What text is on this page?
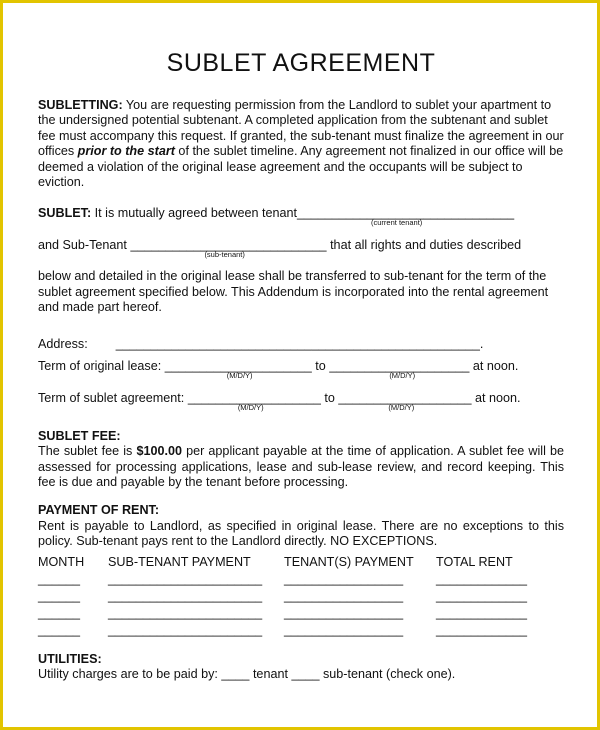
SUBLET AGREEMENT

SUBLETTING: You are requesting permission from the Landlord to sublet your apartment to the undersigned potential subtenant. A completed application from the subtenant and sublet fee must accompany this request. If granted, the sub-tenant must finalize the agreement in our offices prior to the start of the sublet timeline. Any agreement not finalized in our office will be deemed a violation of the original lease agreement and the occupants will be subject to eviction.

SUBLET: It is mutually agreed between tenant_______________________________
(current tenant)
and Sub-Tenant ____________________________
(sub-tenant)
that all rights and duties described

below and detailed in the original lease shall be transferred to sub-tenant for the term of the sublet agreement specified below. This Addendum is incorporated into the rental agreement and made part hereof.

Address: ____________________________________________________.
Term of original lease: _____________________
(M/D/Y)
to ____________________
(M/D/Y)
at noon.
Term of sublet agreement: ___________________
(M/D/Y)
to ___________________
(M/D/Y)
at noon.

SUBLET FEE:

The sublet fee is $100.00 per applicant payable at the time of application. A sublet fee will be assessed for processing applications, lease and sub-lease review, and record keeping. This fee is due and payable by the tenant before processing.

PAYMENT OF RENT:

Rent is payable to Landlord, as specified in original lease. There are no exceptions to this policy. Sub-tenant pays rent to the Landlord directly. NO EXCEPTIONS.

MONTH	SUB-TENANT PAYMENT	TENANT(S) PAYMENT	TOTAL RENT
______	______________________	_________________	_____________
______	______________________	_________________	_____________
______	______________________	_________________	_____________
______	______________________	_________________	_____________

UTILITIES:

Utility charges are to be paid by: ____ tenant ____ sub-tenant (check one).
